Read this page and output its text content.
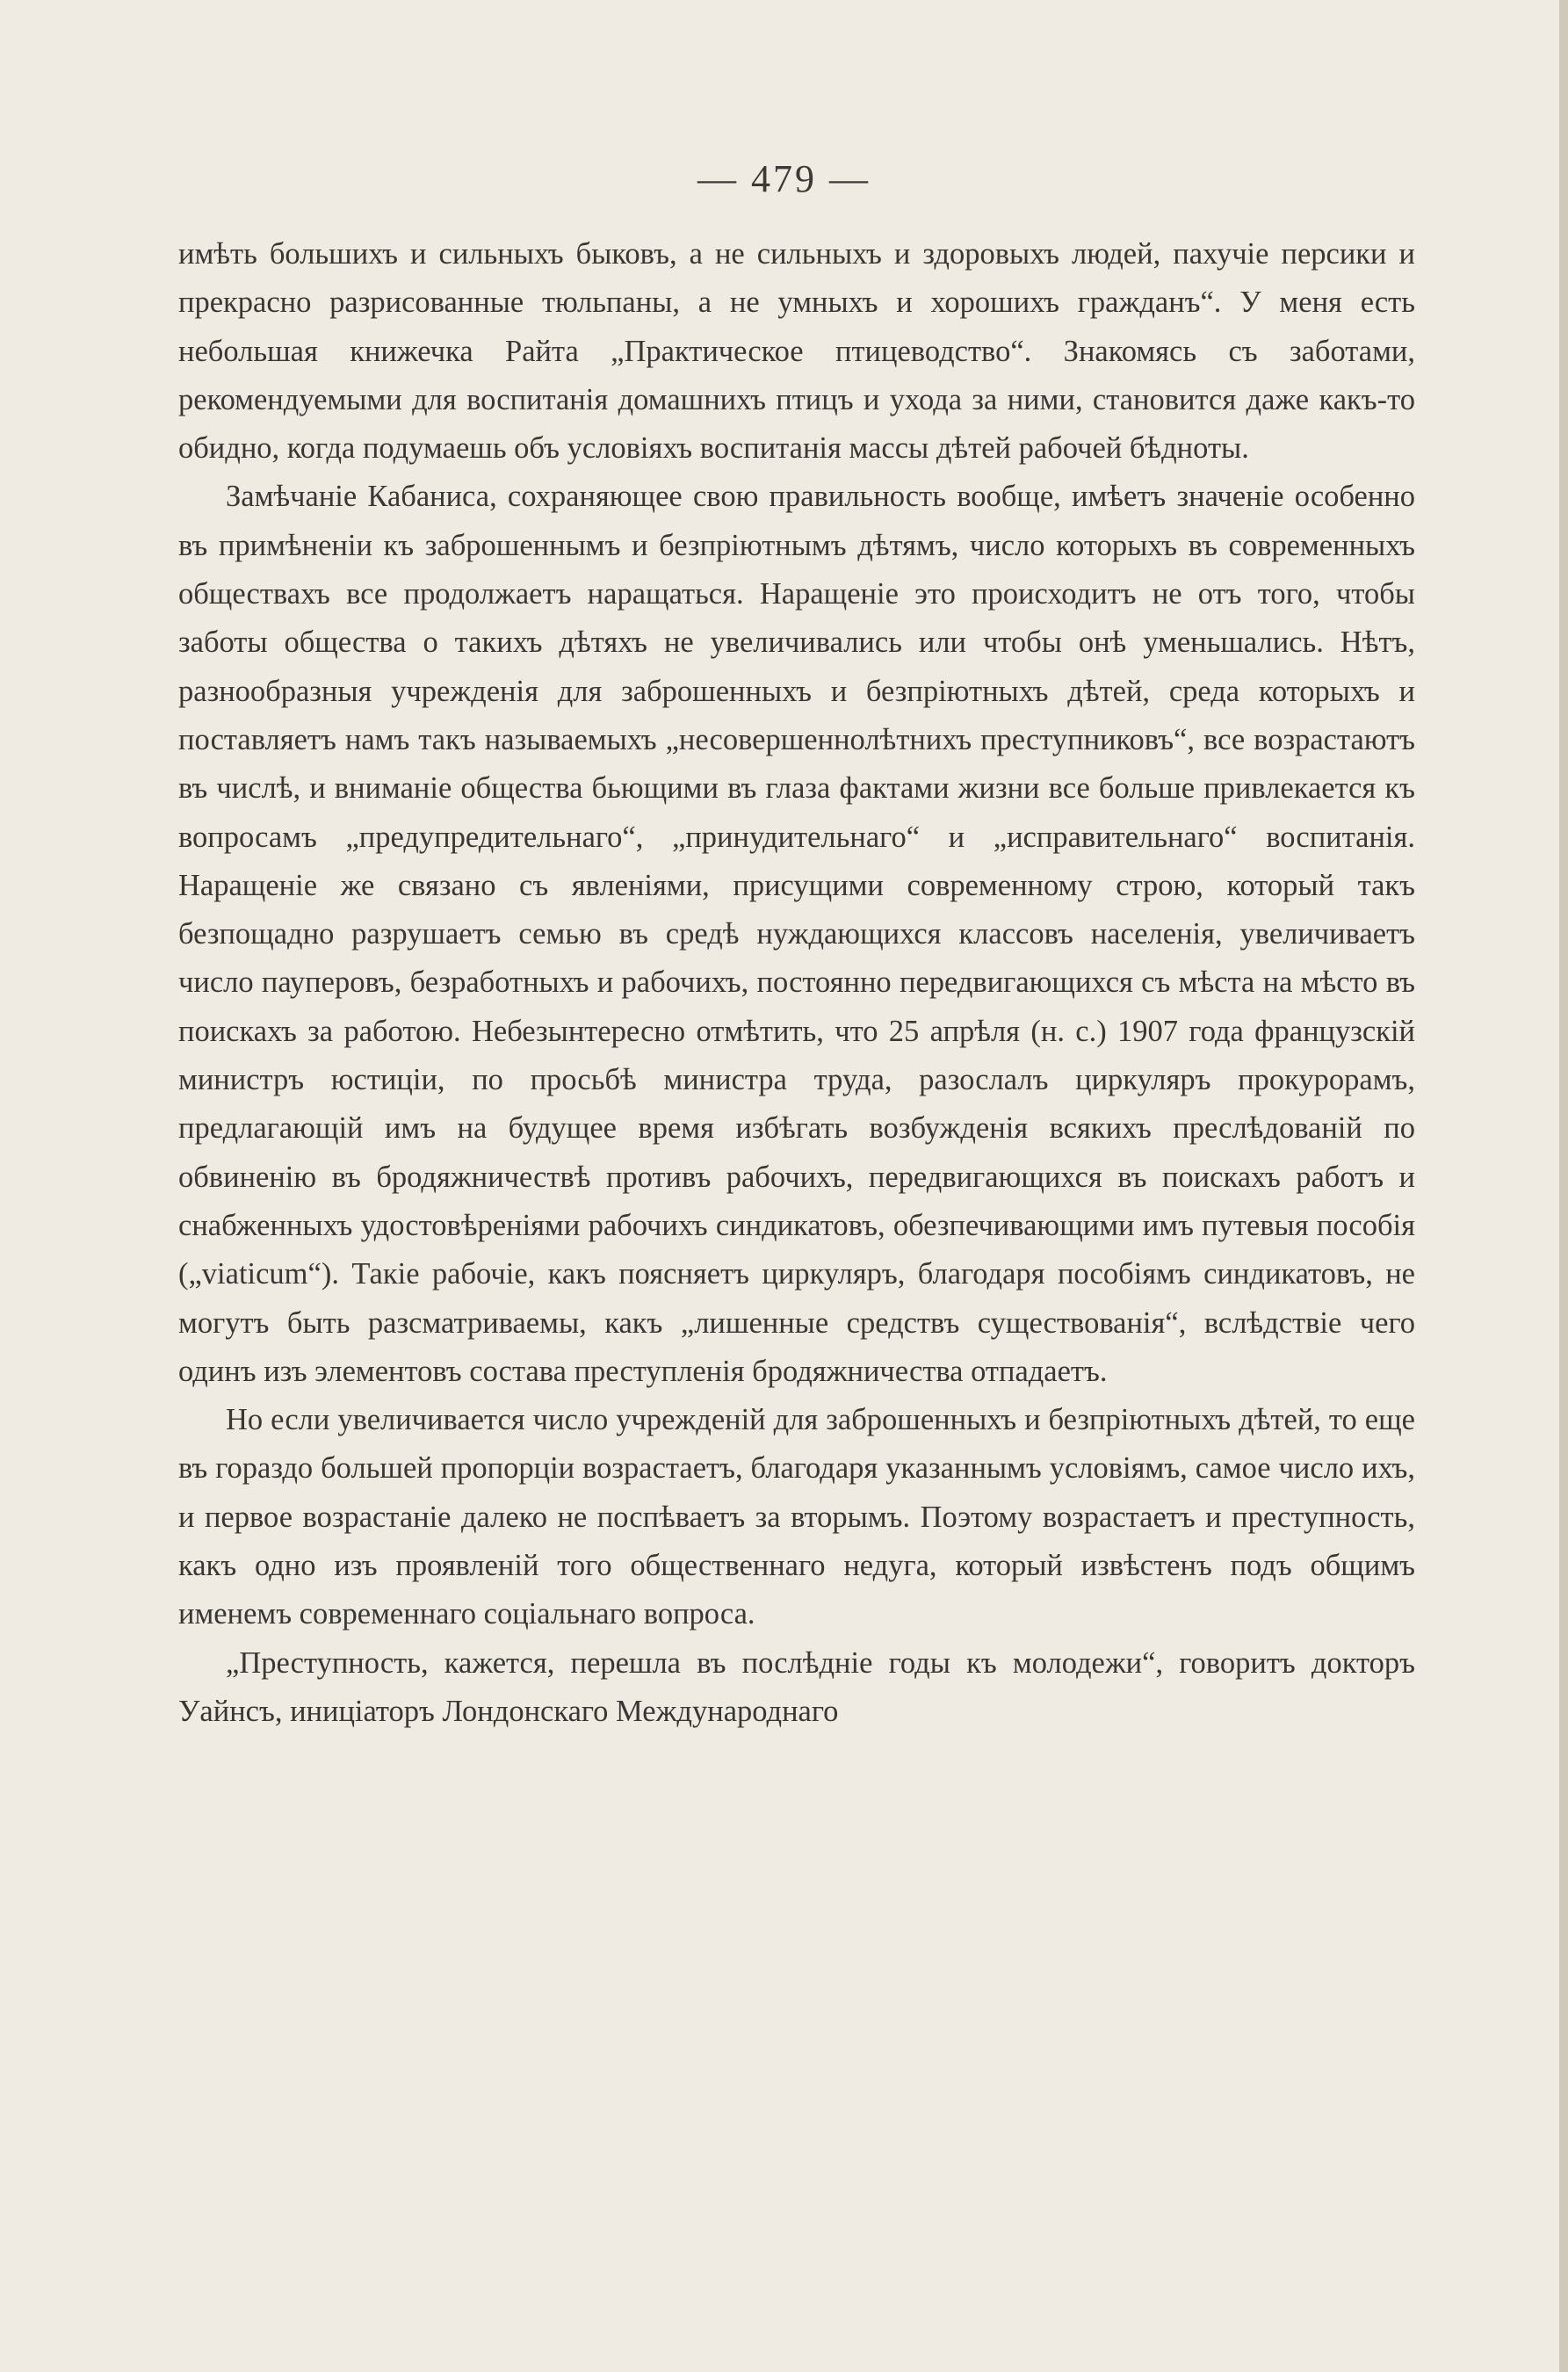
— 479 —

имѣть большихъ и сильныхъ быковъ, а не сильныхъ и здоровыхъ людей, пахучіе персики и прекрасно разрисованные тюльпаны, а не умныхъ и хорошихъ гражданъ“. У меня есть небольшая книжечка Райта „Практическое птицеводство“. Знакомясь съ заботами, рекомендуемыми для воспитанія домашнихъ птицъ и ухода за ними, становится даже какъ-то обидно, когда подумаешь объ условіяхъ воспитанія массы дѣтей рабочей бѣдноты.

Замѣчаніе Кабаниса, сохраняющее свою правильность вообще, имѣетъ значеніе особенно въ примѣненіи къ заброшеннымъ и безпріютнымъ дѣтямъ, число которыхъ въ современныхъ обществахъ все продолжаетъ наращаться. Наращеніе это происходитъ не отъ того, чтобы заботы общества о такихъ дѣтяхъ не увеличивались или чтобы онѣ уменьшались. Нѣтъ, разнообразныя учрежденія для заброшенныхъ и безпріютныхъ дѣтей, среда которыхъ и поставляетъ намъ такъ называемыхъ „несовершеннолѣтнихъ преступниковъ“, все возрастаютъ въ числѣ, и вниманіе общества бьющими въ глаза фактами жизни все больше привлекается къ вопросамъ „предупредительнаго“, „принудительнаго“ и „исправительнаго“ воспитанія. Наращеніе же связано съ явленіями, присущими современному строю, который такъ безпощадно разрушаетъ семью въ средѣ нуждающихся классовъ населенія, увеличиваетъ число пауперовъ, безработныхъ и рабочихъ, постоянно передвигающихся съ мѣста на мѣсто въ поискахъ за работою. Небезынтересно отмѣтить, что 25 апрѣля (н. с.) 1907 года французскій министръ юстиціи, по просьбѣ министра труда, разослалъ циркуляръ прокурорамъ, предлагающій имъ на будущее время избѣгать возбужденія всякихъ преслѣдованій по обвиненію въ бродяжничествѣ противъ рабочихъ, передвигающихся въ поискахъ работъ и снабженныхъ удостовѣреніями рабочихъ синдикатовъ, обезпечивающими имъ путевыя пособія („viaticum“). Такіе рабочіе, какъ поясняетъ циркуляръ, благодаря пособіямъ синдикатовъ, не могутъ быть разсматриваемы, какъ „лишенные средствъ существованія“, вслѣдствіе чего одинъ изъ элементовъ состава преступленія бродяжничества отпадаетъ.

Но если увеличивается число учрежденій для заброшенныхъ и безпріютныхъ дѣтей, то еще въ гораздо большей пропорціи возрастаетъ, благодаря указаннымъ условіямъ, самое число ихъ, и первое возрастаніе далеко не поспѣваетъ за вторымъ. Поэтому возрастаетъ и преступность, какъ одно изъ проявленій того общественнаго недуга, который извѣстенъ подъ общимъ именемъ современнаго соціальнаго вопроса.

„Преступность, кажется, перешла въ послѣдніе годы къ молодежи“, говоритъ докторъ Уайнсъ, иниціаторъ Лондонскаго Международнаго
